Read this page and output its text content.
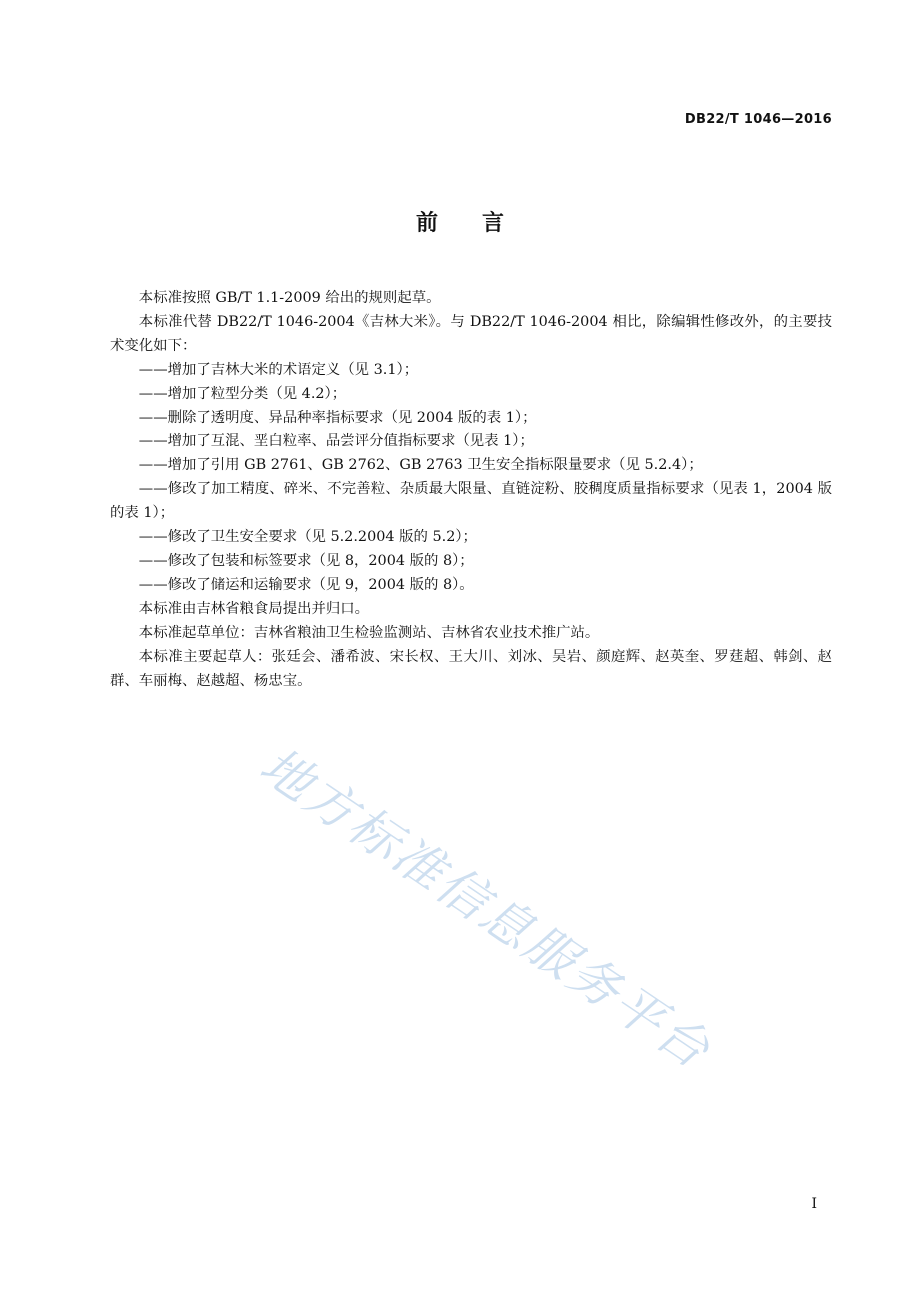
DB22/T 1046—2016
前言

本标准按照 GB/T 1.1-2009 给出的规则起草。

本标准代替 DB22/T 1046-2004《吉林大米》。与 DB22/T 1046-2004 相比，除编辑性修改外，的主要技术变化如下：

——增加了吉林大米的术语定义（见 3.1）；

——增加了粒型分类（见 4.2）；

——删除了透明度、异品种率指标要求（见 2004 版的表 1）；

——增加了互混、垩白粒率、品尝评分值指标要求（见表 1）；

——增加了引用 GB 2761、GB 2762、GB 2763 卫生安全指标限量要求（见 5.2.4）；

——修改了加工精度、碎米、不完善粒、杂质最大限量、直链淀粉、胶稠度质量指标要求（见表 1，2004 版的表 1）；

——修改了卫生安全要求（见 5.2.2004 版的 5.2）；

——修改了包装和标签要求（见 8，2004 版的 8）；

——修改了储运和运输要求（见 9，2004 版的 8）。

本标准由吉林省粮食局提出并归口。

本标准起草单位：吉林省粮油卫生检验监测站、吉林省农业技术推广站。

本标准主要起草人：张廷会、潘希波、宋长权、王大川、刘冰、吴岩、颜庭辉、赵英奎、罗莛超、韩剑、赵群、车丽梅、赵越超、杨忠宝。

地方标准信息服务平台
I
